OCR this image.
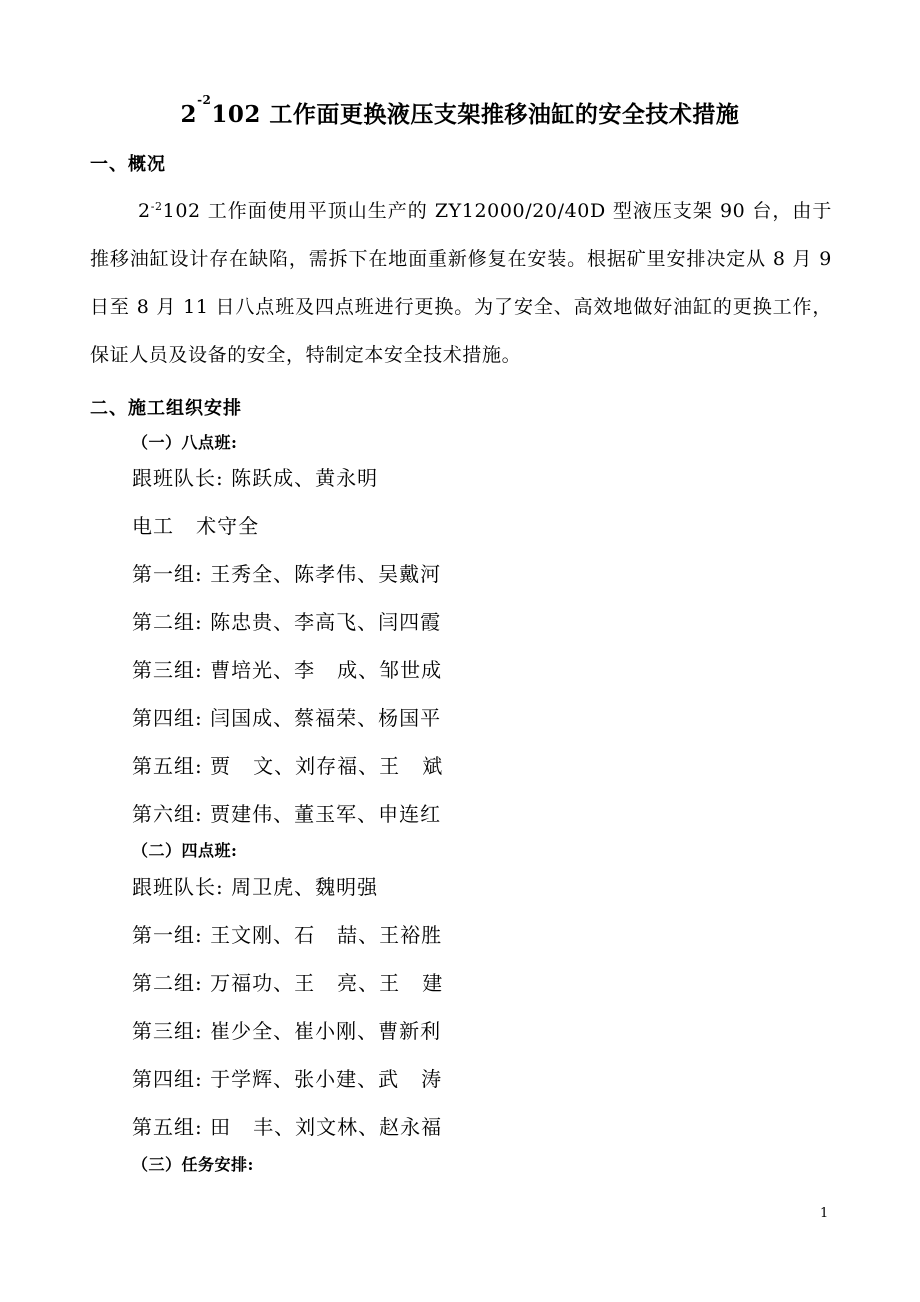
$2^{-2}102$ 工作面更换液压支架推移油缸的安全技术措施
一、概况
$2^{-2}102$ 工作面使用平顶山生产的 ZY12000/20/40D 型液压支架 90 台，由于推移油缸设计存在缺陷，需拆下在地面重新修复在安装。根据矿里安排决定从 8 月 9 日至 8 月 11 日八点班及四点班进行更换。为了安全、高效地做好油缸的更换工作，保证人员及设备的安全，特制定本安全技术措施。
二、施工组织安排
（一）八点班:
跟班队长: 陈跃成、黄永明
电工   术守全
第一组: 王秀全、陈孝伟、吴戴河
第二组: 陈忠贵、李高飞、闫四霞
第三组: 曹培光、李   成、邹世成
第四组: 闫国成、蔡福荣、杨国平
第五组: 贾   文、刘存福、王   斌
第六组: 贾建伟、董玉军、申连红
（二）四点班:
跟班队长: 周卫虎、魏明强
第一组: 王文刚、石   喆、王裕胜
第二组: 万福功、王   亮、王   建
第三组: 崔少全、崔小刚、曹新利
第四组: 于学辉、张小建、武   涛
第五组: 田   丰、刘文林、赵永福
（三）任务安排:
1
